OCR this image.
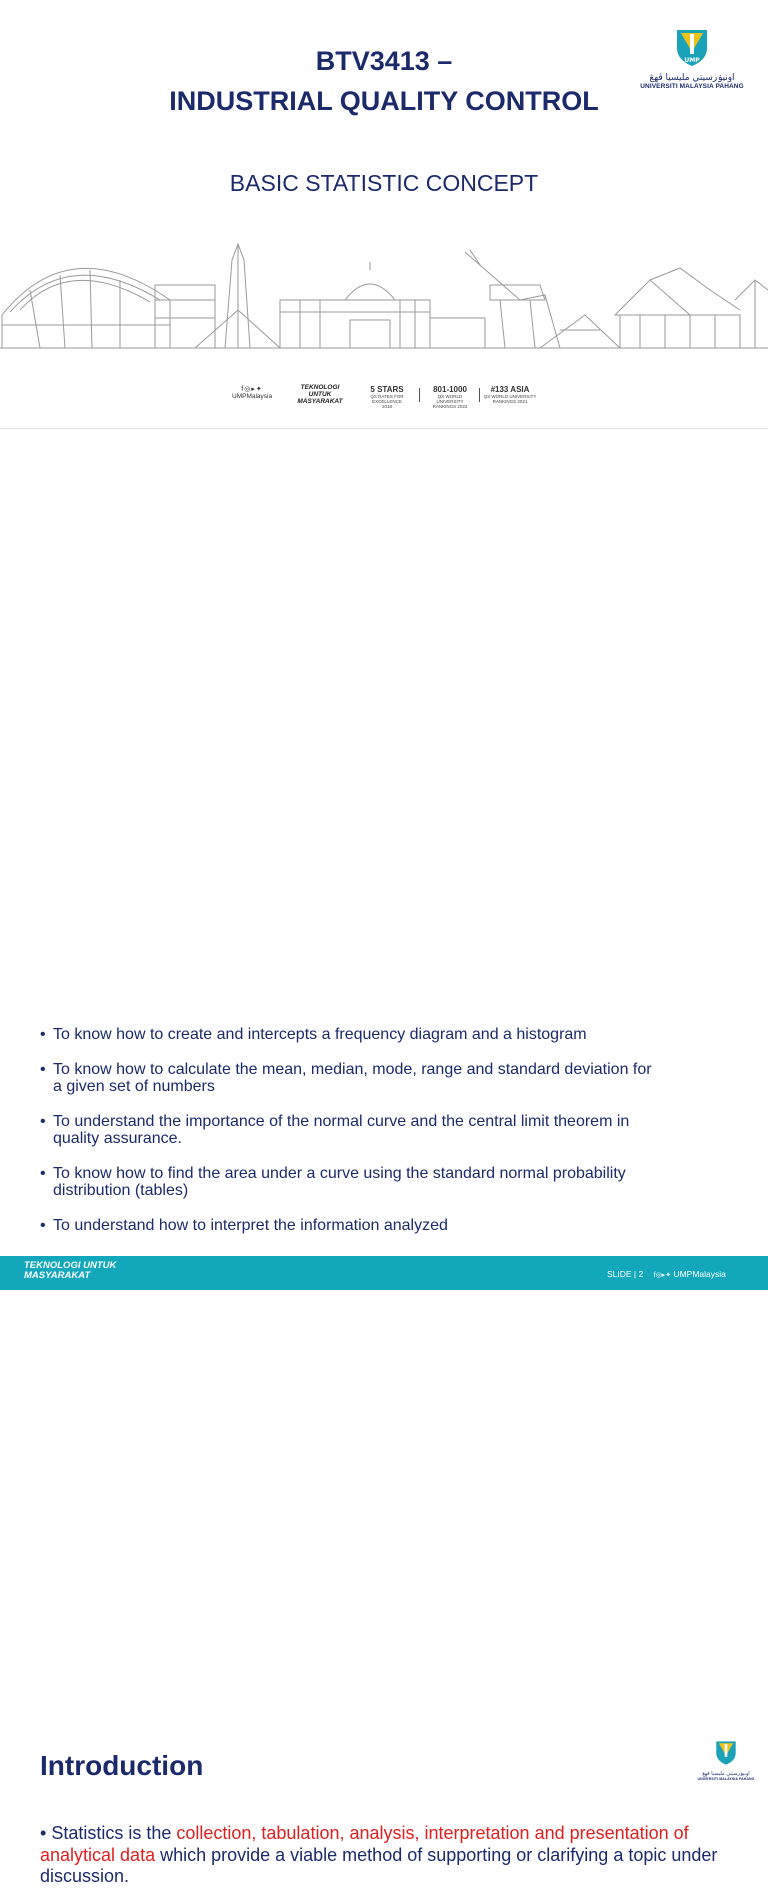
BTV3413 –
INDUSTRIAL QUALITY CONTROL
BASIC STATISTIC CONCEPT
UMP
اونيۏرسيتي مليسيا ڤهڠ
UNIVERSITI MALAYSIA PAHANG
f◎▸✦
UMPMalaysia
TEKNOLOGI
UNTUK
MASYARAKAT
5 STARS
QS RATES FOR EXCELLENCE
2018
801-1000
QS WORLD UNIVERSITY
RANKINGS 2022
#133 ASIA
QS WORLD UNIVERSITY
RANKINGS 2021
•
•
• To know how to create and intercepts a frequency diagram and a histogram
• To know how to calculate the mean, median, mode, range and standard deviation for
a given set of numbers
• To understand the importance of the normal curve and the central limit theorem in
quality assurance.
• To know how to find the area under a curve using the standard normal probability
distribution (tables)
• To understand how to interpret the information analyzed
TEKNOLOGI UNTUK
MASYARAKAT	SLIDE | 2 f◎▸✦ UMPMalaysia
Introduction	اونيۏرسيتي مليسيا ڤهڠ
UNIVERSITI MALAYSIA PAHANG
• Statistics is the collection, tabulation, analysis, interpretation and presentation of analytical data which provide a viable method of supporting or clarifying a topic under discussion.
